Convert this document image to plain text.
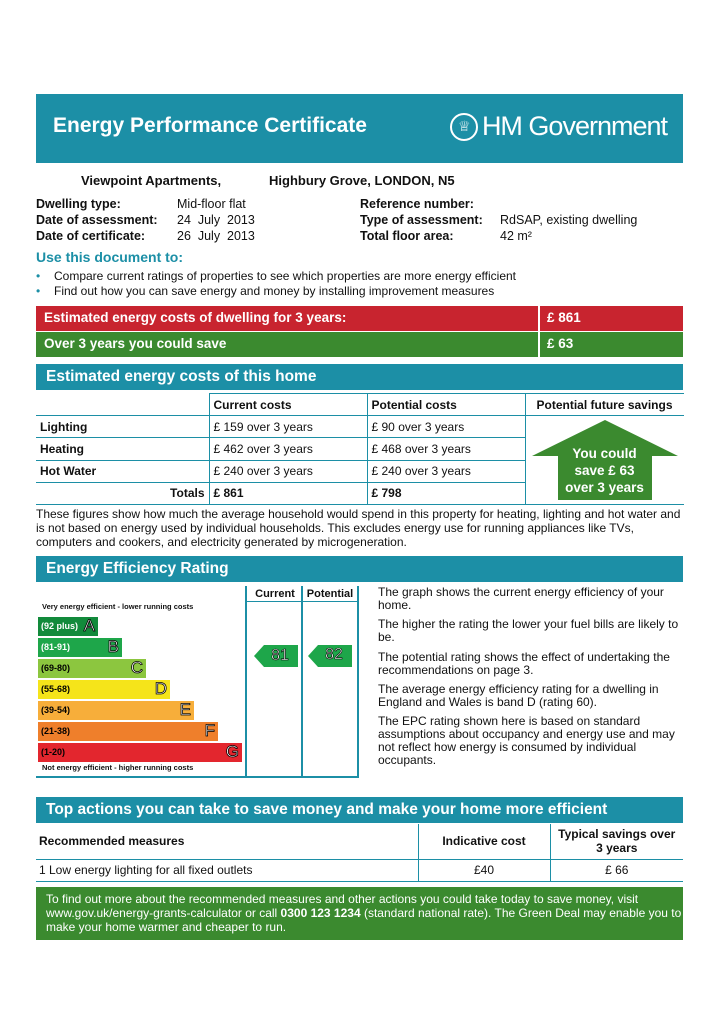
Energy Performance Certificate	♕ HM Government
Viewpoint Apartments,	Highbury Grove, LONDON, N5
Dwelling type:	Mid-floor flat
Date of assessment: 24  July  2013
Date of certificate:	26  July  2013
Reference number:
Type of assessment: RdSAP, existing dwelling
Total floor area:	42 m²
Use this document to:
• Compare current ratings of properties to see which properties are more energy efficient
• Find out how you can save energy and money by installing improvement measures
Estimated energy costs of dwelling for 3 years:	£ 861
Over 3 years you could save	£ 63
Estimated energy costs of this home
	Current costs	Potential costs	Potential future savings
Lighting	£ 159 over 3 years	£ 90 over 3 years	You could
save £ 63
over 3 years

Heating	£ 462 over 3 years	£ 468 over 3 years	
Hot Water	£ 240 over 3 years	£ 240 over 3 years	
Totals	£ 861	£ 798	
These figures show how much the average household would spend in this property for heating, lighting and hot water and is not based on energy used by individual households. This excludes energy use for running appliances like TVs, computers and cookers, and electricity generated by microgeneration.
Energy Efficiency Rating
Current	Potential
Very energy efficient - lower running costs
Not energy efficient - higher running costs
(92 plus) A
(81-91) B
(69-80)	C
(55-68)	D
(39-54)	E
(21-38)	F
(1-20)	G
81	82
The graph shows the current energy efficiency of your home.
The higher the rating the lower your fuel bills are likely to be.
The potential rating shows the effect of undertaking the recommendations on page 3.
The average energy efficiency rating for a dwelling in England and Wales is band D (rating 60).
The EPC rating shown here is based on standard assumptions about occupancy and energy use and may not reflect how energy is consumed by individual occupants.
Top actions you can take to save money and make your home more efficient
Recommended measures	Indicative cost	Typical savings over 3 years
1 Low energy lighting for all fixed outlets	£40	£ 66
To find out more about the recommended measures and other actions you could take today to save money, visit www.gov.uk/energy-grants-calculator or call 0300 123 1234 (standard national rate). The Green Deal may enable you to make your home warmer and cheaper to run.
